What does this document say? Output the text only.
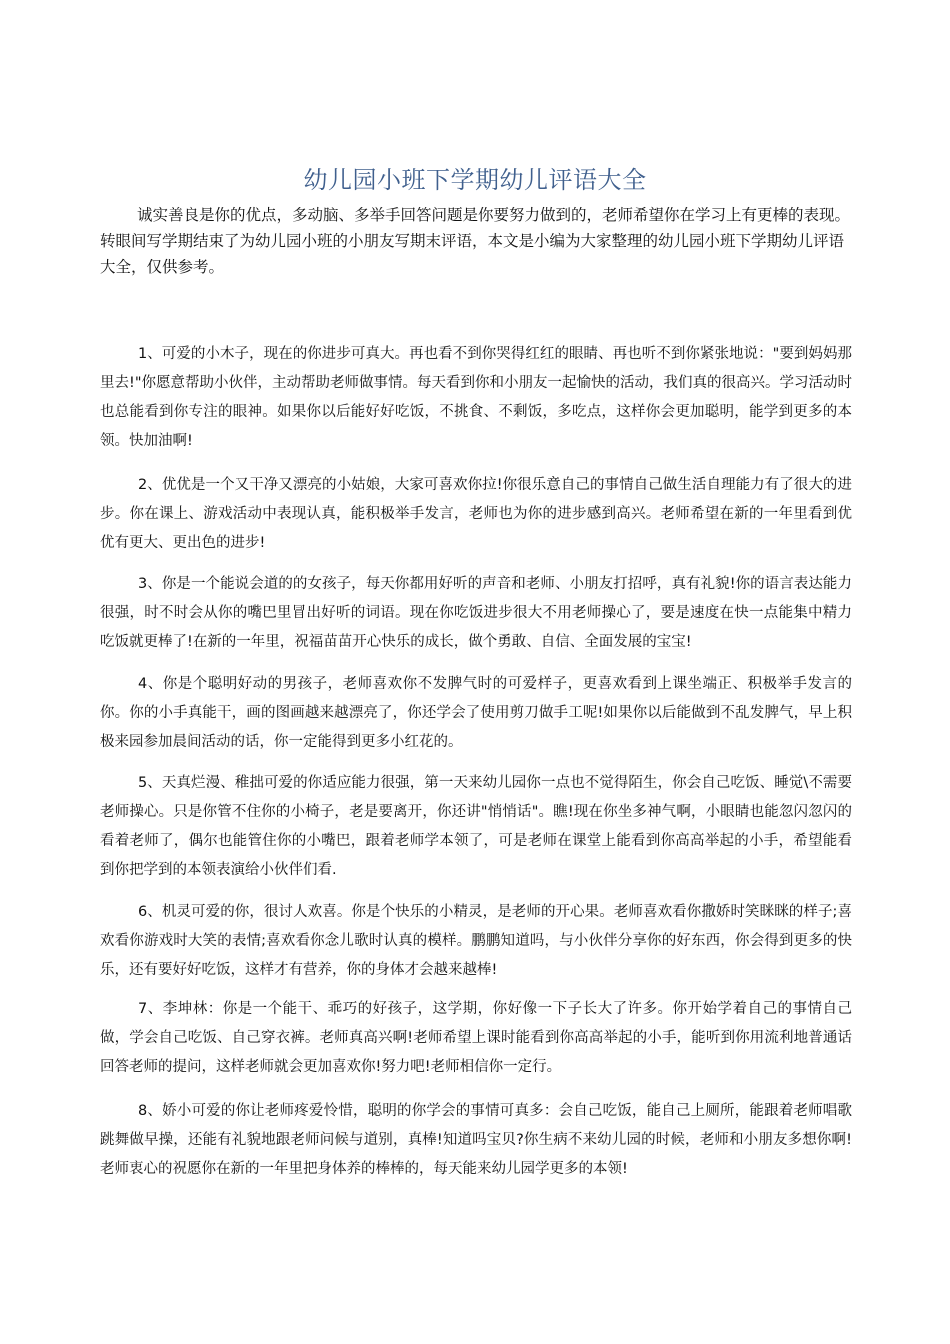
幼儿园小班下学期幼儿评语大全

诚实善良是你的优点，多动脑、多举手回答问题是你要努力做到的，老师希望你在学习上有更棒的表现。转眼间写学期结束了为幼儿园小班的小朋友写期末评语，本文是小编为大家整理的幼儿园小班下学期幼儿评语大全，仅供参考。

1、可爱的小木子，现在的你进步可真大。再也看不到你哭得红红的眼睛、再也听不到你紧张地说："要到妈妈那里去!"你愿意帮助小伙伴，主动帮助老师做事情。每天看到你和小朋友一起愉快的活动，我们真的很高兴。学习活动时也总能看到你专注的眼神。如果你以后能好好吃饭，不挑食、不剩饭，多吃点，这样你会更加聪明，能学到更多的本领。快加油啊!

2、优优是一个又干净又漂亮的小姑娘，大家可喜欢你拉!你很乐意自己的事情自己做生活自理能力有了很大的进步。你在课上、游戏活动中表现认真，能积极举手发言，老师也为你的进步感到高兴。老师希望在新的一年里看到优优有更大、更出色的进步!

3、你是一个能说会道的的女孩子，每天你都用好听的声音和老师、小朋友打招呼，真有礼貌!你的语言表达能力很强，时不时会从你的嘴巴里冒出好听的词语。现在你吃饭进步很大不用老师操心了，要是速度在快一点能集中精力吃饭就更棒了!在新的一年里，祝福苗苗开心快乐的成长，做个勇敢、自信、全面发展的宝宝!

4、你是个聪明好动的男孩子，老师喜欢你不发脾气时的可爱样子，更喜欢看到上课坐端正、积极举手发言的你。你的小手真能干，画的图画越来越漂亮了，你还学会了使用剪刀做手工呢!如果你以后能做到不乱发脾气，早上积极来园参加晨间活动的话，你一定能得到更多小红花的。

5、天真烂漫、稚拙可爱的你适应能力很强，第一天来幼儿园你一点也不觉得陌生，你会自己吃饭、睡觉\不需要老师操心。只是你管不住你的小椅子，老是要离开，你还讲"悄悄话"。瞧!现在你坐多神气啊，小眼睛也能忽闪忽闪的看着老师了，偶尔也能管住你的小嘴巴，跟着老师学本领了，可是老师在课堂上能看到你高高举起的小手，希望能看到你把学到的本领表演给小伙伴们看.

6、机灵可爱的你，很讨人欢喜。你是个快乐的小精灵，是老师的开心果。老师喜欢看你撒娇时笑眯眯的样子;喜欢看你游戏时大笑的表情;喜欢看你念儿歌时认真的模样。鹏鹏知道吗，与小伙伴分享你的好东西，你会得到更多的快乐，还有要好好吃饭，这样才有营养，你的身体才会越来越棒!

7、李坤林：你是一个能干、乖巧的好孩子，这学期，你好像一下子长大了许多。你开始学着自己的事情自己做，学会自己吃饭、自己穿衣裤。老师真高兴啊!老师希望上课时能看到你高高举起的小手，能听到你用流利地普通话回答老师的提问，这样老师就会更加喜欢你!努力吧!老师相信你一定行。

8、娇小可爱的你让老师疼爱怜惜，聪明的你学会的事情可真多：会自己吃饭，能自己上厕所，能跟着老师唱歌跳舞做早操，还能有礼貌地跟老师问候与道别，真棒!知道吗宝贝?你生病不来幼儿园的时候，老师和小朋友多想你啊!老师衷心的祝愿你在新的一年里把身体养的棒棒的，每天能来幼儿园学更多的本领!
